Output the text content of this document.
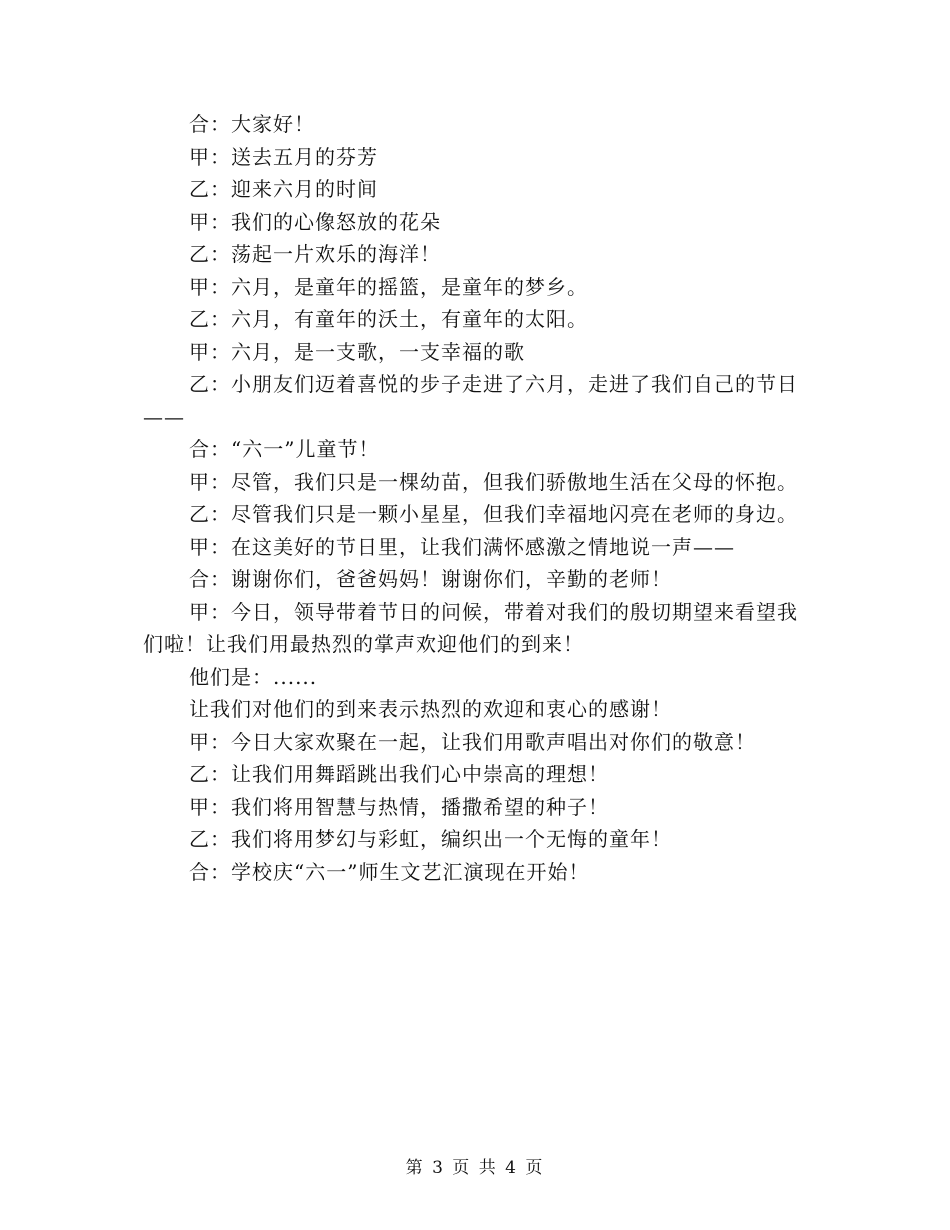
合：大家好！

甲：送去五月的芬芳

乙：迎来六月的时间

甲：我们的心像怒放的花朵

乙：荡起一片欢乐的海洋！

甲：六月，是童年的摇篮，是童年的梦乡。

乙：六月，有童年的沃土，有童年的太阳。

甲：六月，是一支歌，一支幸福的歌

乙：小朋友们迈着喜悦的步子走进了六月，走进了我们自己的节日——

合：“六一”儿童节！

甲：尽管，我们只是一棵幼苗，但我们骄傲地生活在父母的怀抱。

乙：尽管我们只是一颗小星星，但我们幸福地闪亮在老师的身边。

甲：在这美好的节日里，让我们满怀感激之情地说一声——

合：谢谢你们，爸爸妈妈！谢谢你们，辛勤的老师！

甲：今日，领导带着节日的问候，带着对我们的殷切期望来看望我们啦！让我们用最热烈的掌声欢迎他们的到来！

他们是：......

让我们对他们的到来表示热烈的欢迎和衷心的感谢！

甲：今日大家欢聚在一起，让我们用歌声唱出对你们的敬意！

乙：让我们用舞蹈跳出我们心中崇高的理想！

甲：我们将用智慧与热情，播撒希望的种子！

乙：我们将用梦幻与彩虹，编织出一个无悔的童年！

合：学校庆“六一”师生文艺汇演现在开始！

第 3 页 共 4 页
